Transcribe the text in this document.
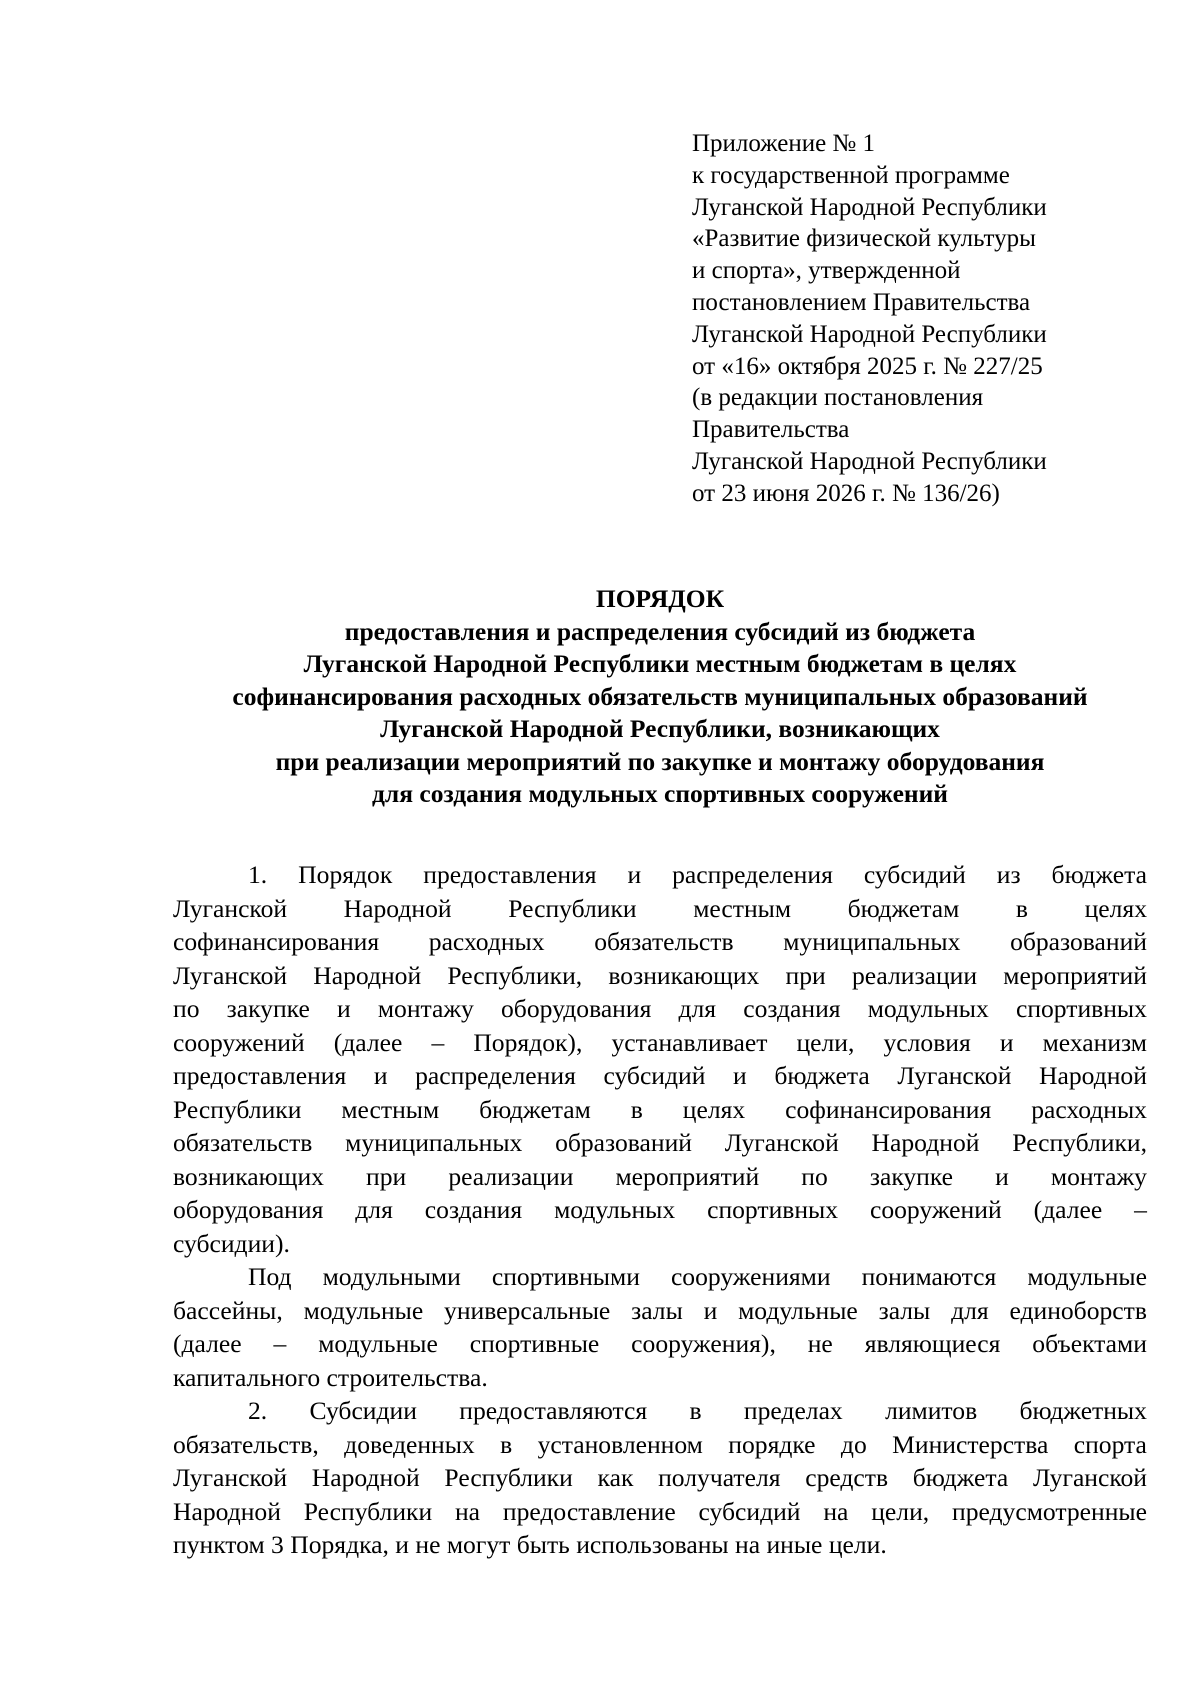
Приложение № 1
к государственной программе
Луганской Народной Республики
«Развитие физической культуры
и спорта», утвержденной
постановлением Правительства
Луганской Народной Республики
от «16» октября 2025 г. № 227/25
(в редакции постановления
Правительства
Луганской Народной Республики
от 23 июня 2026 г. № 136/26)
ПОРЯДОК
предоставления и распределения субсидий из бюджета
Луганской Народной Республики местным бюджетам в целях
софинансирования расходных обязательств муниципальных образований
Луганской Народной Республики, возникающих
при реализации мероприятий по закупке и монтажу оборудования
для создания модульных спортивных сооружений
1. Порядок предоставления и распределения субсидий из бюджета
Луганской Народной Республики местным бюджетам в целях
софинансирования расходных обязательств муниципальных образований
Луганской Народной Республики, возникающих при реализации мероприятий
по закупке и монтажу оборудования для создания модульных спортивных
сооружений (далее – Порядок), устанавливает цели, условия и механизм
предоставления и распределения субсидий и бюджета Луганской Народной
Республики местным бюджетам в целях софинансирования расходных
обязательств муниципальных образований Луганской Народной Республики,
возникающих при реализации мероприятий по закупке и монтажу
оборудования для создания модульных спортивных сооружений (далее –
субсидии).
Под модульными спортивными сооружениями понимаются модульные
бассейны, модульные универсальные залы и модульные залы для единоборств
(далее – модульные спортивные сооружения), не являющиеся объектами
капитального строительства.
2. Субсидии предоставляются в пределах лимитов бюджетных
обязательств, доведенных в установленном порядке до Министерства спорта
Луганской Народной Республики как получателя средств бюджета Луганской
Народной Республики на предоставление субсидий на цели, предусмотренные
пунктом 3 Порядка, и не могут быть использованы на иные цели.
